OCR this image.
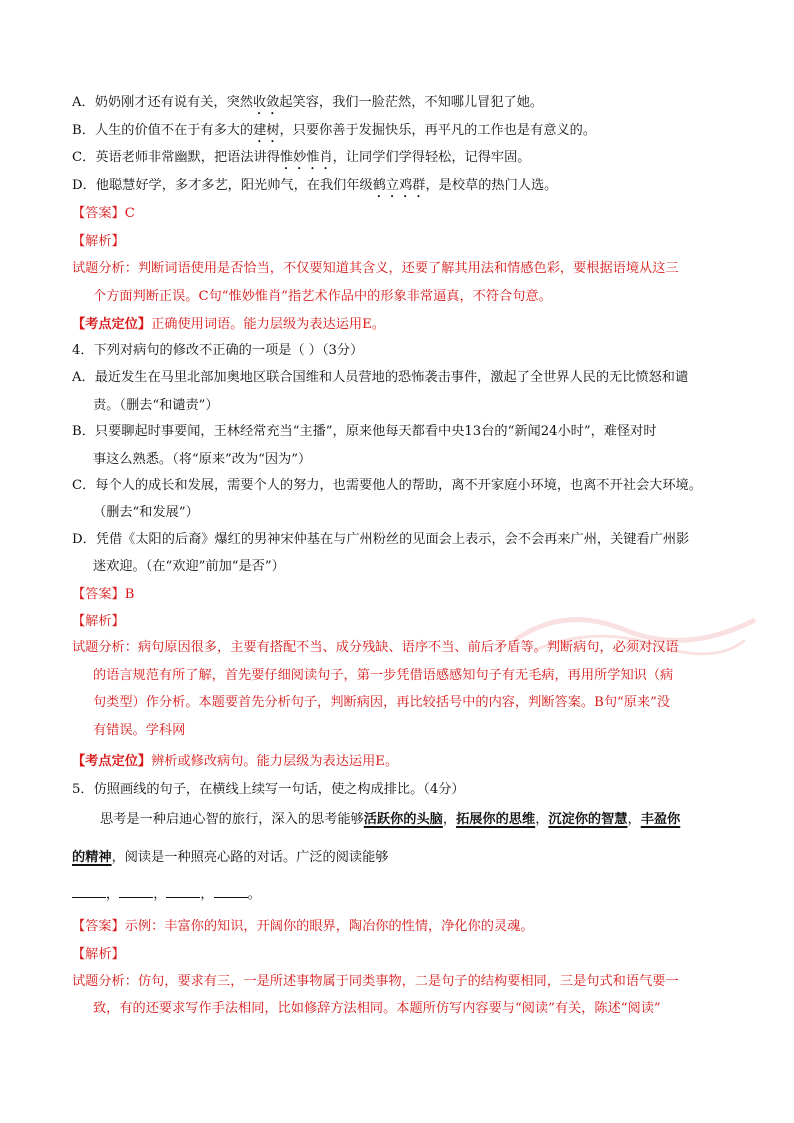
A．奶奶刚才还有说有关，突然收敛起笑容，我们一脸茫然，不知哪儿冒犯了她。
B．人生的价值不在于有多大的建树，只要你善于发掘快乐，再平凡的工作也是有意义的。
C．英语老师非常幽默，把语法讲得惟妙惟肖，让同学们学得轻松，记得牢固。
D．他聪慧好学，多才多艺，阳光帅气，在我们年级鹤立鸡群，是校草的热门人选。
【答案】C
【解析】
试题分析：判断词语使用是否恰当，不仅要知道其含义，还要了解其用法和情感色彩，要根据语境从这三
个方面判断正误。C句“惟妙惟肖”指艺术作品中的形象非常逼真，不符合句意。
【考点定位】正确使用词语。能力层级为表达运用E。
4．下列对病句的修改不正确的一项是（ ）（3分）
A．最近发生在马里北部加奥地区联合国维和人员营地的恐怖袭击事件，激起了全世界人民的无比愤怒和谴
责。（删去“和谴责”）
B．只要聊起时事要闻，王林经常充当“主播”，原来他每天都看中央13台的“新闻24小时”，难怪对时
事这么熟悉。（将“原来”改为“因为”）
C．每个人的成长和发展，需要个人的努力，也需要他人的帮助，离不开家庭小环境，也离不开社会大环境。
（删去“和发展”）
D．凭借《太阳的后裔》爆红的男神宋仲基在与广州粉丝的见面会上表示，会不会再来广州，关键看广州影
迷欢迎。（在“欢迎”前加“是否”）
【答案】B
【解析】
试题分析：病句原因很多，主要有搭配不当、成分残缺、语序不当、前后矛盾等。判断病句，必须对汉语
的语言规范有所了解，首先要仔细阅读句子，第一步凭借语感感知句子有无毛病，再用所学知识（病
句类型）作分析。本题要首先分析句子，判断病因，再比较括号中的内容，判断答案。B句“原来”没
有错误。学科网
【考点定位】辨析或修改病句。能力层级为表达运用E。
5．仿照画线的句子，在横线上续写一句话，使之构成排比。（4分）
思考是一种启迪心智的旅行，深入的思考能够活跃你的头脑，拓展你的思维，沉淀你的智慧，丰盈你
的精神，阅读是一种照亮心路的对话。广泛的阅读能够
，	，	，	。
【答案】示例：丰富你的知识，开阔你的眼界，陶冶你的性情，净化你的灵魂。
【解析】
试题分析：仿句，要求有三，一是所述事物属于同类事物，二是句子的结构要相同，三是句式和语气要一
致，有的还要求写作手法相同，比如修辞方法相同。本题所仿写内容要与“阅读”有关，陈述“阅读”
